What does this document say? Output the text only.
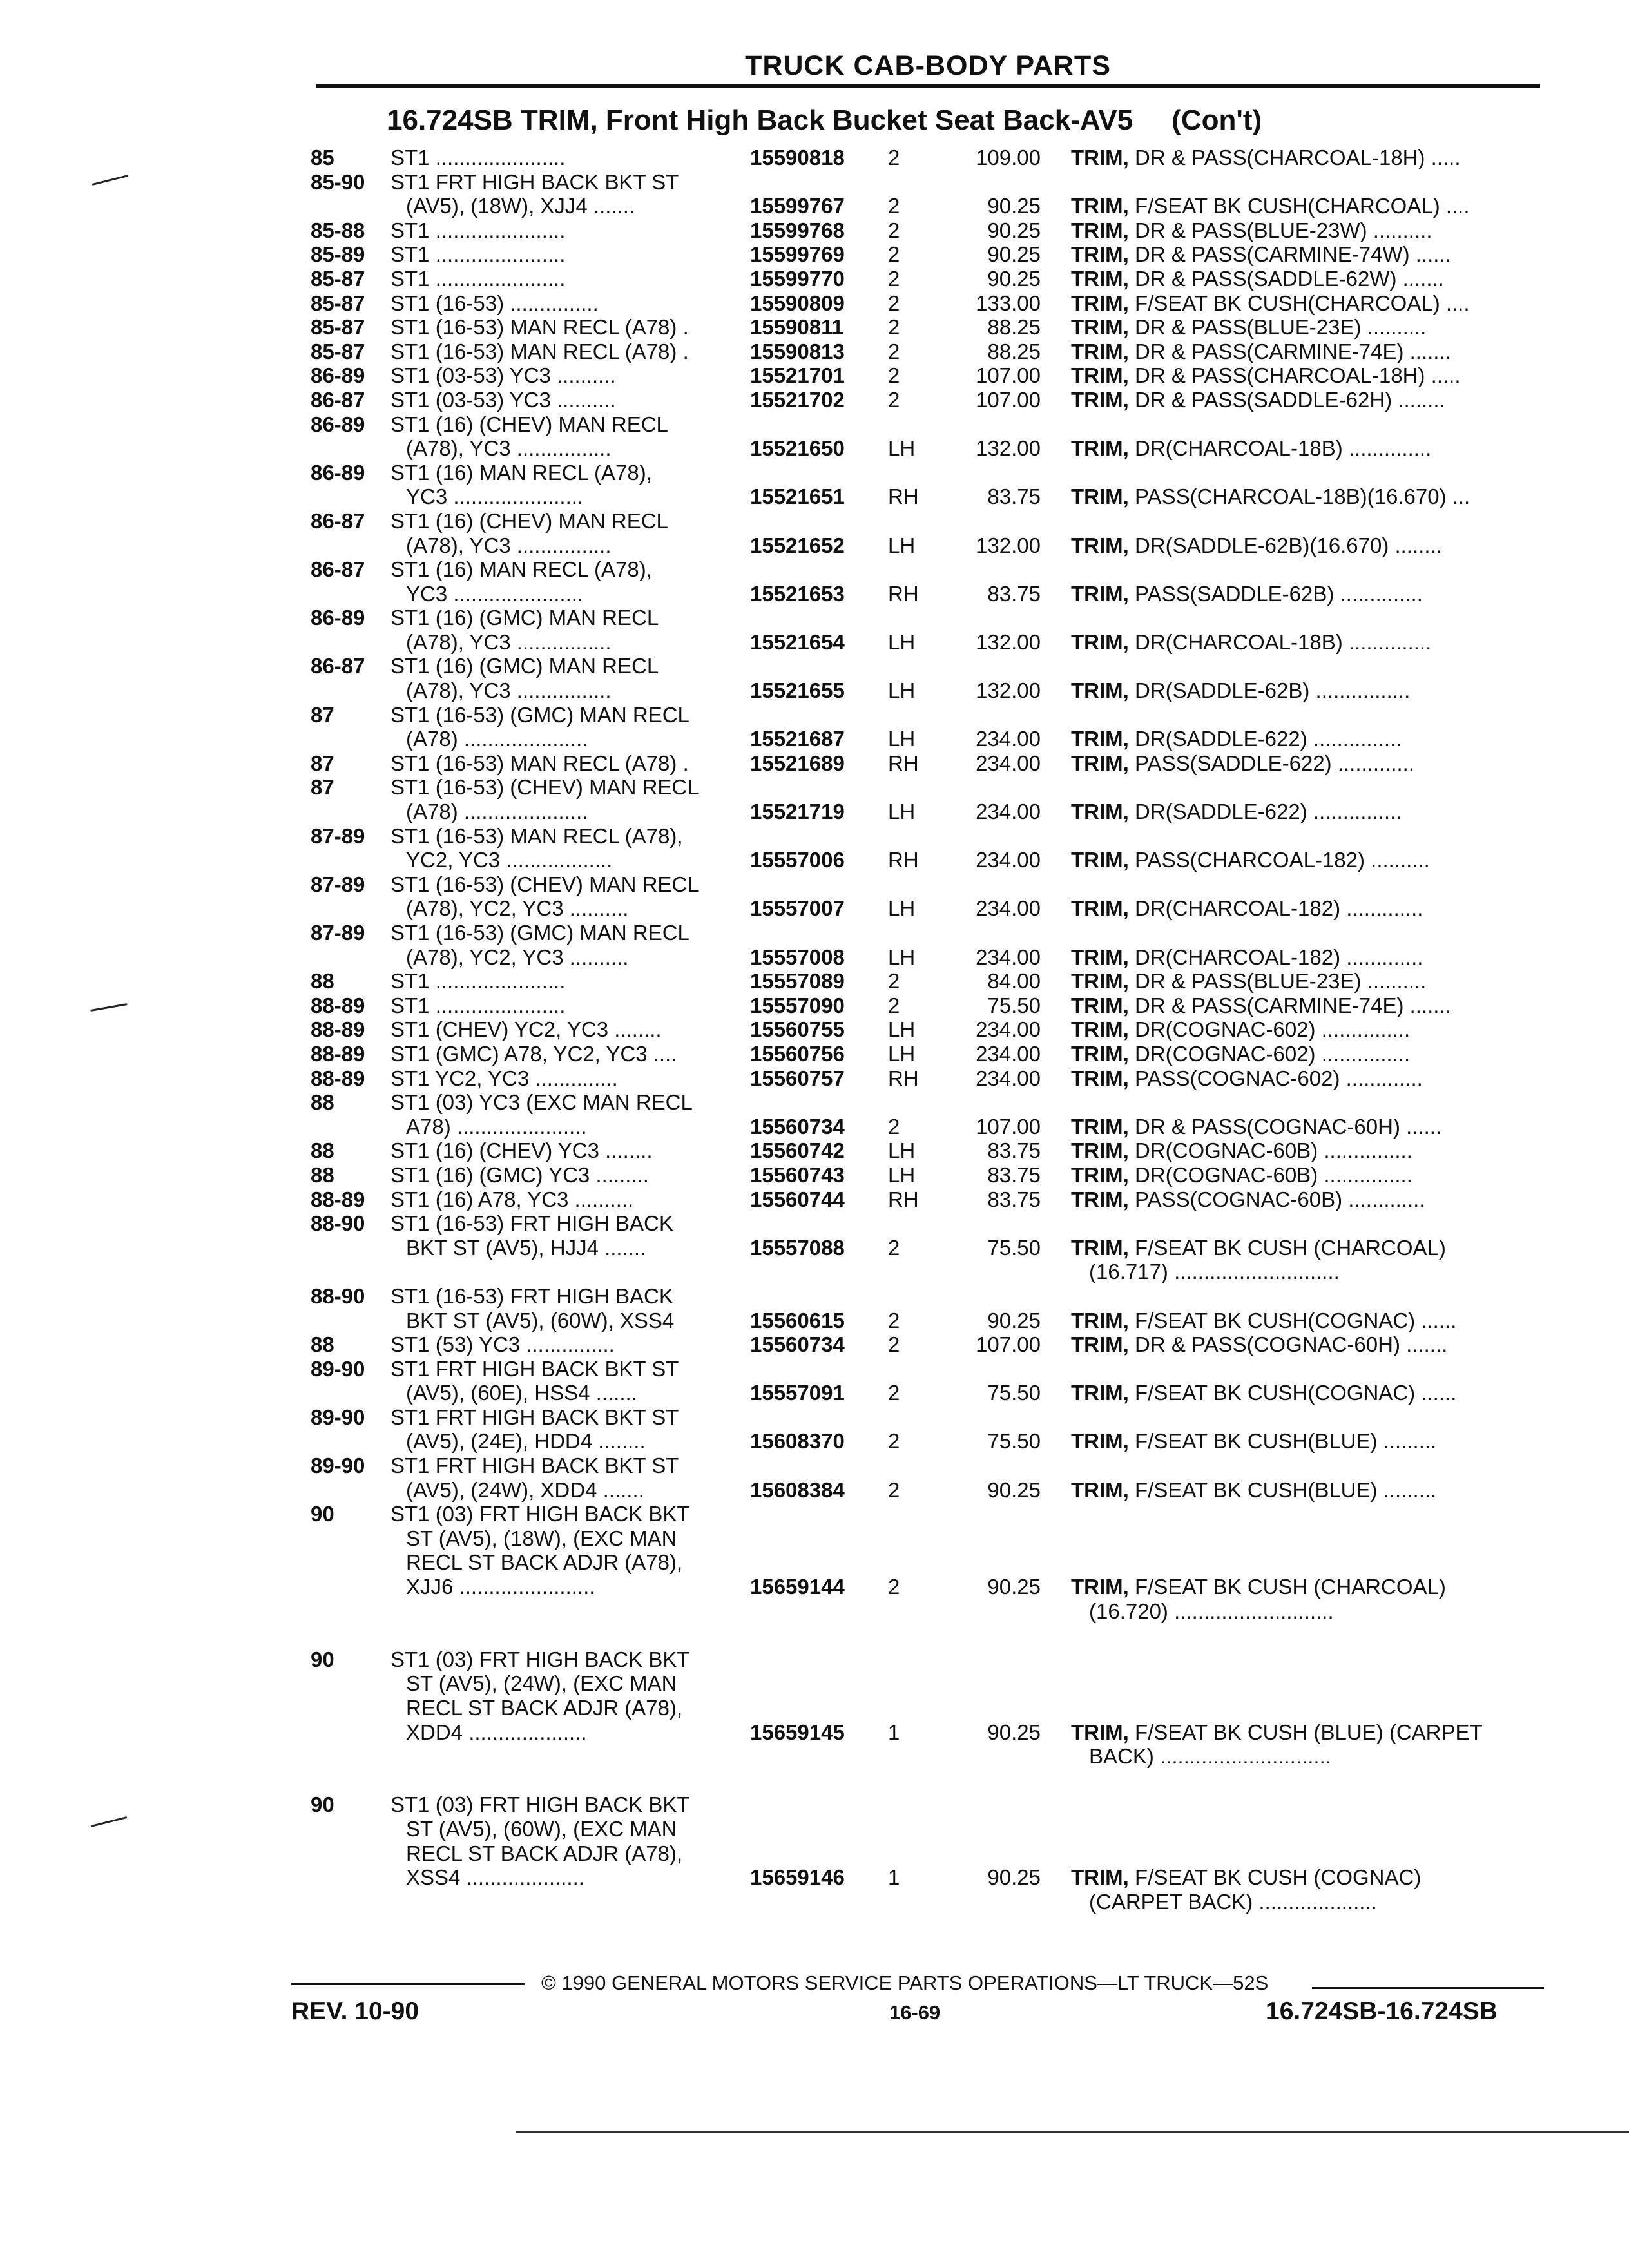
TRUCK CAB-BODY PARTS
16.724SB TRIM, Front High Back Bucket Seat Back-AV5 (Con't)
85	ST1 ......................	15590818 2	109.00 TRIM, DR & PASS(CHARCOAL-18H) .....
85-90 ST1 FRT HIGH BACK BKT ST
(AV5), (18W), XJJ4 .......	15599767 2	90.25 TRIM, F/SEAT BK CUSH(CHARCOAL) ....
85-88 ST1 ......................	15599768 2	90.25 TRIM, DR & PASS(BLUE-23W) ..........
85-89 ST1 ......................	15599769 2	90.25 TRIM, DR & PASS(CARMINE-74W) ......
85-87 ST1 ......................	15599770 2	90.25 TRIM, DR & PASS(SADDLE-62W) .......
85-87 ST1 (16-53) ...............	15590809 2	133.00 TRIM, F/SEAT BK CUSH(CHARCOAL) ....
85-87 ST1 (16-53) MAN RECL (A78) .	15590811 2	88.25 TRIM, DR & PASS(BLUE-23E) ..........
85-87 ST1 (16-53) MAN RECL (A78) .	15590813 2	88.25 TRIM, DR & PASS(CARMINE-74E) .......
86-89 ST1 (03-53) YC3 ..........	15521701 2	107.00 TRIM, DR & PASS(CHARCOAL-18H) .....
86-87 ST1 (03-53) YC3 ..........	15521702 2	107.00 TRIM, DR & PASS(SADDLE-62H) ........
86-89 ST1 (16) (CHEV) MAN RECL
(A78), YC3 ................	15521650 LH	132.00 TRIM, DR(CHARCOAL-18B) ..............
86-89 ST1 (16) MAN RECL (A78),
YC3 ......................	15521651 RH	83.75 TRIM, PASS(CHARCOAL-18B)(16.670) ...
86-87 ST1 (16) (CHEV) MAN RECL
(A78), YC3 ................	15521652 LH	132.00 TRIM, DR(SADDLE-62B)(16.670) ........
86-87 ST1 (16) MAN RECL (A78),
YC3 ......................	15521653 RH	83.75 TRIM, PASS(SADDLE-62B) ..............
86-89 ST1 (16) (GMC) MAN RECL
(A78), YC3 ................	15521654 LH	132.00 TRIM, DR(CHARCOAL-18B) ..............
86-87 ST1 (16) (GMC) MAN RECL
(A78), YC3 ................	15521655 LH	132.00 TRIM, DR(SADDLE-62B) ................
87	ST1 (16-53) (GMC) MAN RECL
(A78) .....................	15521687 LH	234.00 TRIM, DR(SADDLE-622) ...............
87	ST1 (16-53) MAN RECL (A78) .	15521689 RH	234.00 TRIM, PASS(SADDLE-622) .............
87	ST1 (16-53) (CHEV) MAN RECL
(A78) .....................	15521719 LH	234.00 TRIM, DR(SADDLE-622) ...............
87-89 ST1 (16-53) MAN RECL (A78),
YC2, YC3 ..................	15557006 RH	234.00 TRIM, PASS(CHARCOAL-182) ..........
87-89 ST1 (16-53) (CHEV) MAN RECL
(A78), YC2, YC3 ..........	15557007 LH	234.00 TRIM, DR(CHARCOAL-182) .............
87-89 ST1 (16-53) (GMC) MAN RECL
(A78), YC2, YC3 ..........	15557008 LH	234.00 TRIM, DR(CHARCOAL-182) .............
88	ST1 ......................	15557089 2	84.00 TRIM, DR & PASS(BLUE-23E) ..........
88-89 ST1 ......................	15557090 2	75.50 TRIM, DR & PASS(CARMINE-74E) .......
88-89 ST1 (CHEV) YC2, YC3 ........	15560755 LH	234.00 TRIM, DR(COGNAC-602) ...............
88-89 ST1 (GMC) A78, YC2, YC3 ....	15560756 LH	234.00 TRIM, DR(COGNAC-602) ...............
88-89 ST1 YC2, YC3 ..............	15560757 RH	234.00 TRIM, PASS(COGNAC-602) .............
88	ST1 (03) YC3 (EXC MAN RECL
A78) ......................	15560734 2	107.00 TRIM, DR & PASS(COGNAC-60H) ......
88	ST1 (16) (CHEV) YC3 ........	15560742 LH	83.75 TRIM, DR(COGNAC-60B) ...............
88	ST1 (16) (GMC) YC3 .........	15560743 LH	83.75 TRIM, DR(COGNAC-60B) ...............
88-89 ST1 (16) A78, YC3 ..........	15560744 RH	83.75 TRIM, PASS(COGNAC-60B) .............
88-90 ST1 (16-53) FRT HIGH BACK
BKT ST (AV5), HJJ4 .......	15557088 2	75.50 TRIM, F/SEAT BK CUSH (CHARCOAL)
(16.717) ............................
88-90 ST1 (16-53) FRT HIGH BACK
BKT ST (AV5), (60W), XSS4	15560615 2	90.25 TRIM, F/SEAT BK CUSH(COGNAC) ......
88	ST1 (53) YC3 ...............	15560734 2	107.00 TRIM, DR & PASS(COGNAC-60H) .......
89-90 ST1 FRT HIGH BACK BKT ST
(AV5), (60E), HSS4 .......	15557091 2	75.50 TRIM, F/SEAT BK CUSH(COGNAC) ......
89-90 ST1 FRT HIGH BACK BKT ST
(AV5), (24E), HDD4 ........	15608370 2	75.50 TRIM, F/SEAT BK CUSH(BLUE) .........
89-90 ST1 FRT HIGH BACK BKT ST
(AV5), (24W), XDD4 .......	15608384 2	90.25 TRIM, F/SEAT BK CUSH(BLUE) .........
90	ST1 (03) FRT HIGH BACK BKT
ST (AV5), (18W), (EXC MAN
RECL ST BACK ADJR (A78),
XJJ6 .......................	15659144 2	90.25 TRIM, F/SEAT BK CUSH (CHARCOAL)
(16.720) ...........................
90	ST1 (03) FRT HIGH BACK BKT
ST (AV5), (24W), (EXC MAN
RECL ST BACK ADJR (A78),
XDD4 ....................	15659145 1	90.25 TRIM, F/SEAT BK CUSH (BLUE) (CARPET
BACK) .............................
90	ST1 (03) FRT HIGH BACK BKT
ST (AV5), (60W), (EXC MAN
RECL ST BACK ADJR (A78),
XSS4 ....................	15659146 1	90.25 TRIM, F/SEAT BK CUSH (COGNAC)
(CARPET BACK) ....................
© 1990 GENERAL MOTORS SERVICE PARTS OPERATIONS—LT TRUCK—52S
REV. 10-90	16-69	16.724SB-16.724SB
